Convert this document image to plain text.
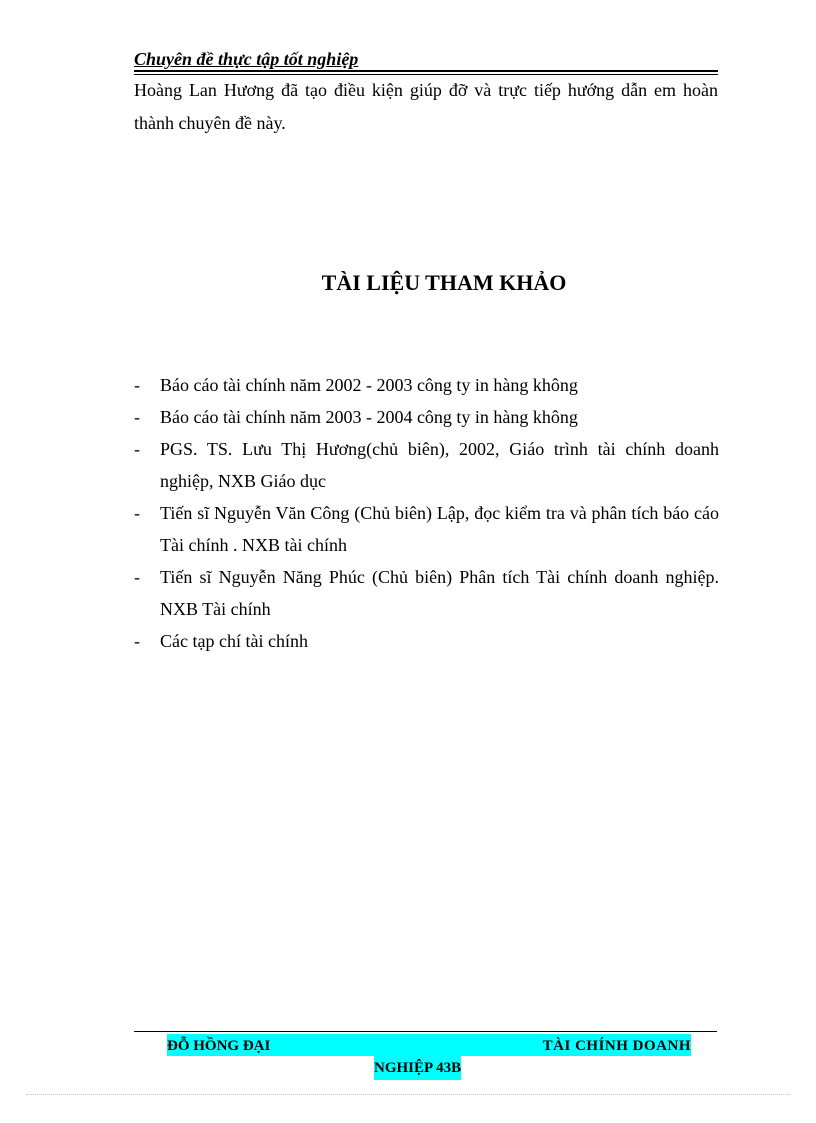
Chuyên đề thực tập tốt nghiệp
Hoàng Lan Hương đã tạo điều kiện giúp đỡ và trực tiếp hướng dẫn em hoàn thành chuyên đề này.
TÀI LIỆU THAM KHẢO
- Báo cáo tài chính năm 2002 - 2003 công ty in hàng không
- Báo cáo tài chính năm 2003 - 2004 công ty in hàng không
- PGS. TS. Lưu Thị Hương(chủ biên), 2002, Giáo trình tài chính doanh nghiệp, NXB Giáo dục
- Tiến sĩ Nguyễn Văn Công (Chủ biên) Lập, đọc kiểm tra và phân tích báo cáo Tài chính . NXB tài chính
- Tiến sĩ Nguyễn Năng Phúc (Chủ biên) Phân tích Tài chính doanh nghiệp. NXB Tài chính
- Các tạp chí tài chính
ĐỖ HỒNG ĐẠI	TÀI CHÍNH DOANH
NGHIỆP 43B
